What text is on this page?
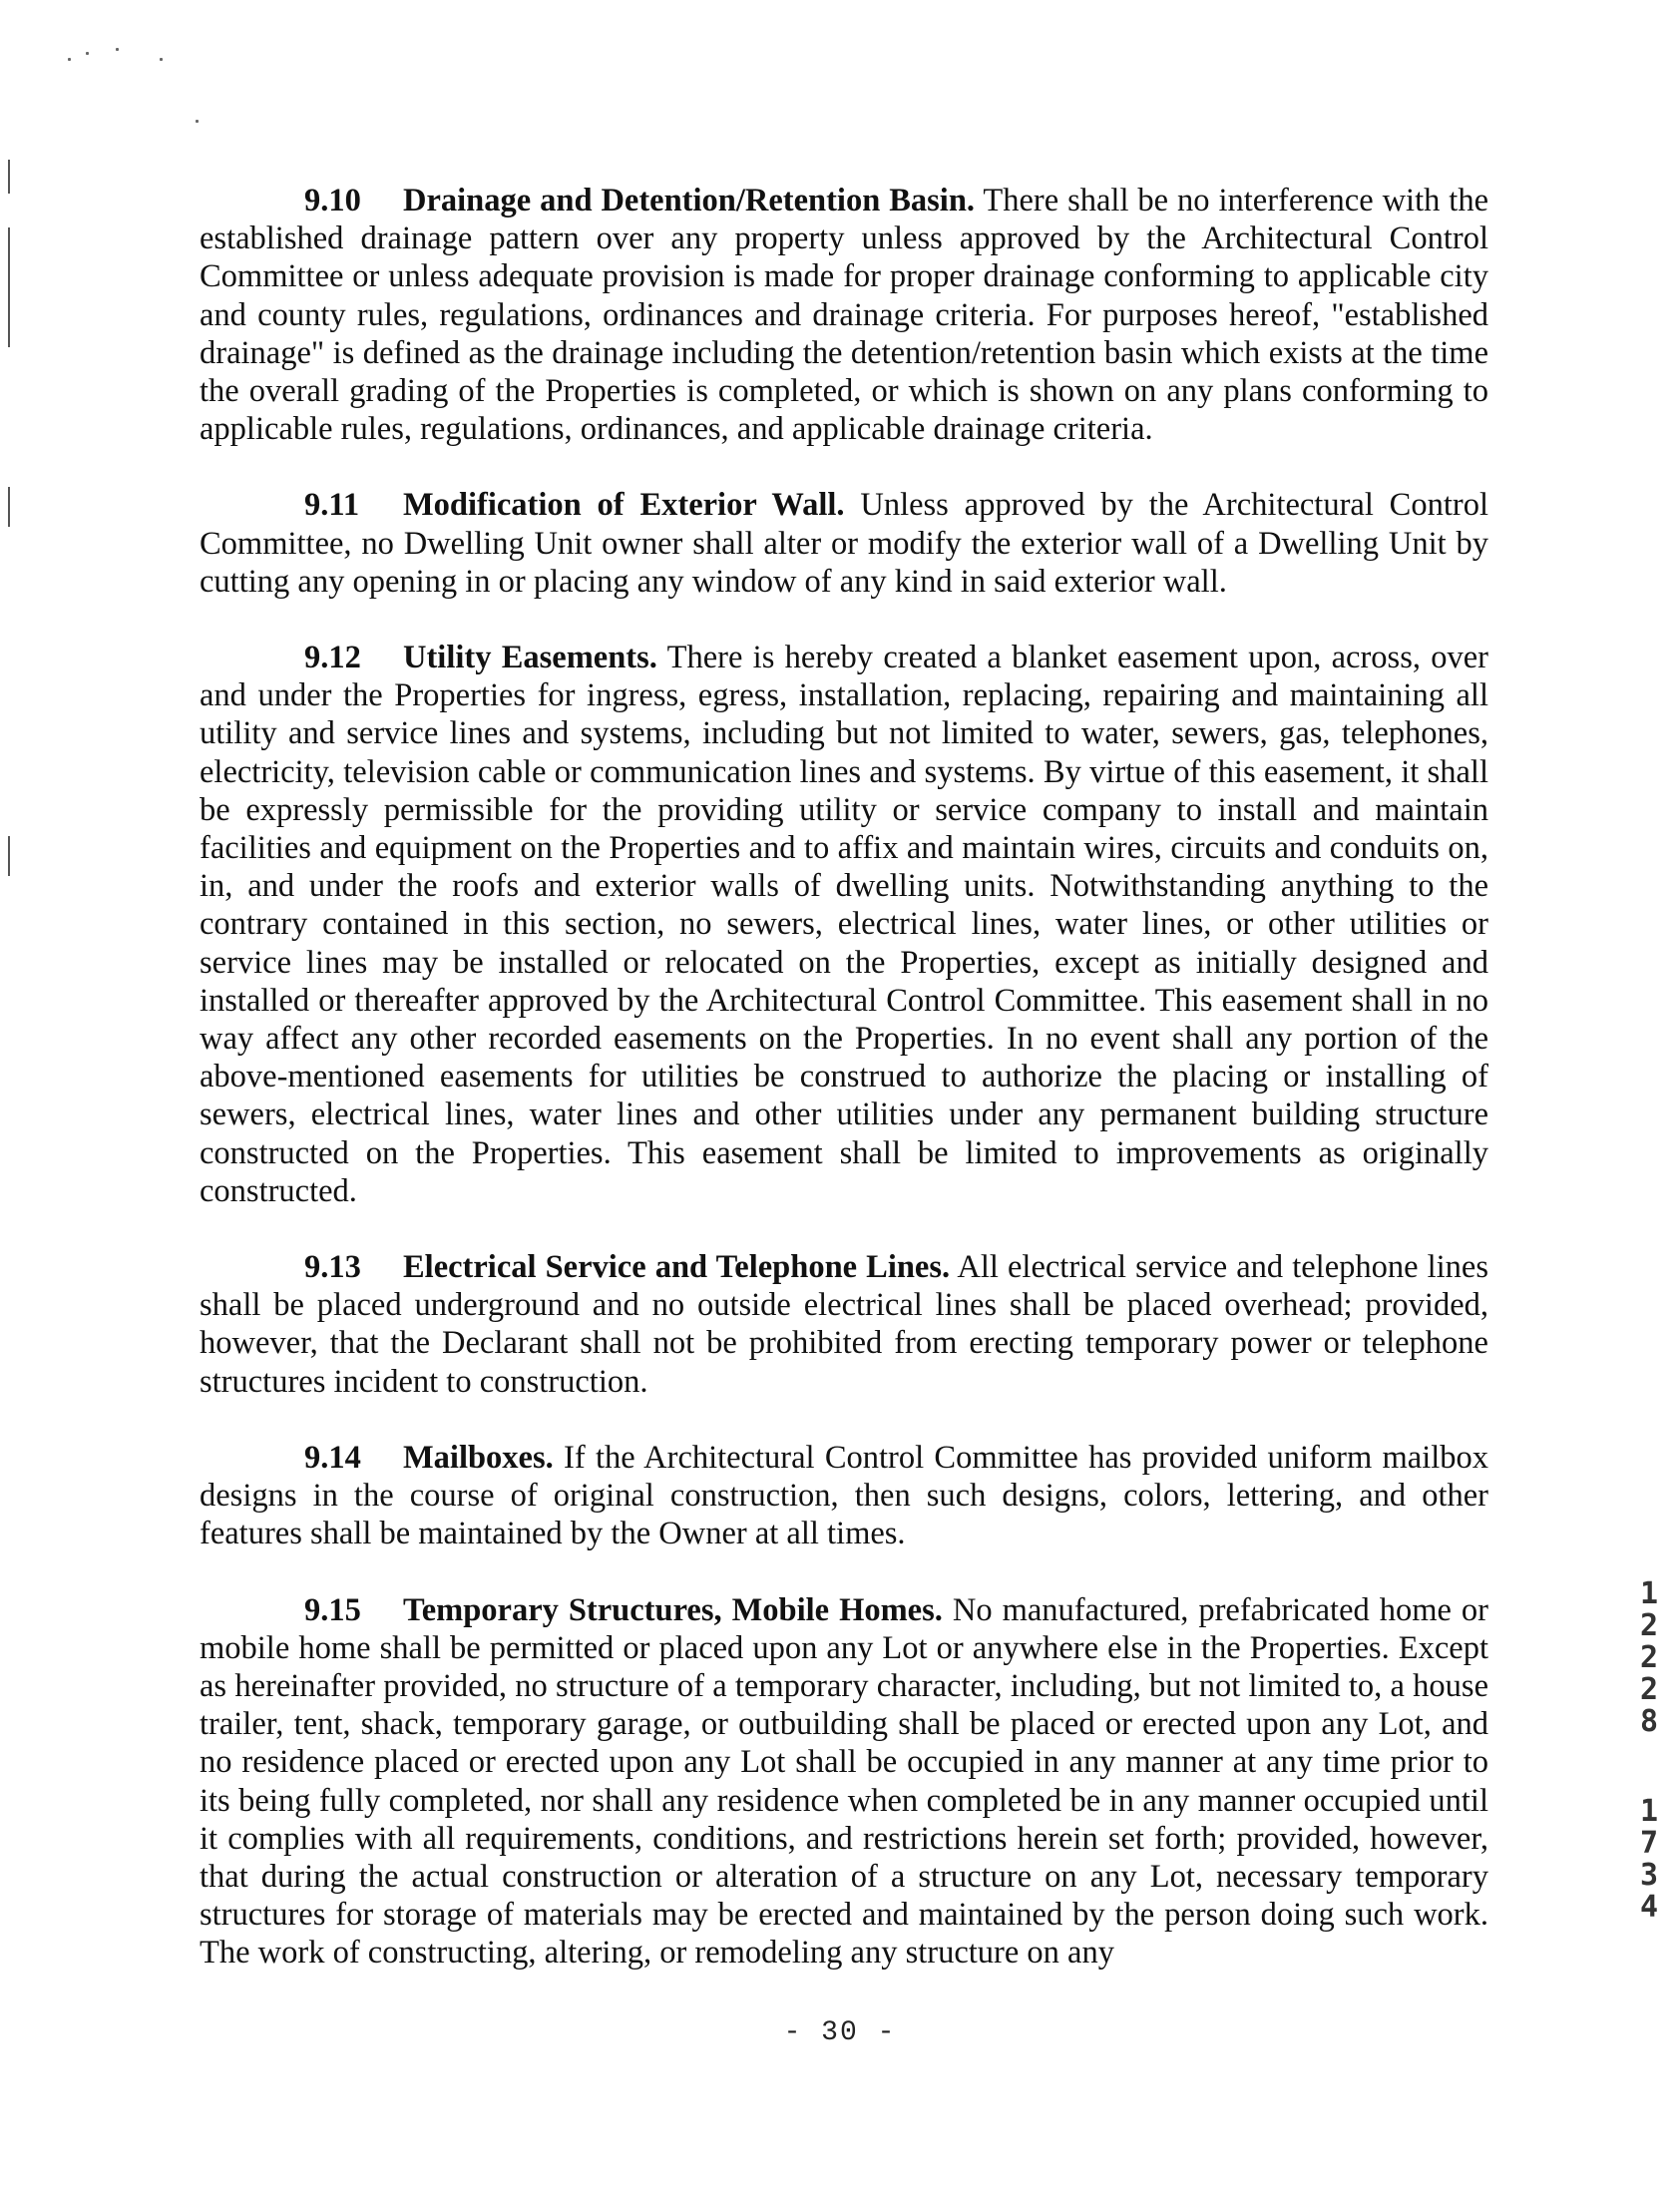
9.10 Drainage and Detention/Retention Basin. There shall be no interference with the established drainage pattern over any property unless approved by the Architectural Control Committee or unless adequate provision is made for proper drainage conforming to applicable city and county rules, regulations, ordinances and drainage criteria. For purposes hereof, "established drainage" is defined as the drainage including the detention/retention basin which exists at the time the overall grading of the Properties is completed, or which is shown on any plans conforming to applicable rules, regulations, ordinances, and applicable drainage criteria.

9.11 Modification of Exterior Wall. Unless approved by the Architectural Control Committee, no Dwelling Unit owner shall alter or modify the exterior wall of a Dwelling Unit by cutting any opening in or placing any window of any kind in said exterior wall.

9.12 Utility Easements. There is hereby created a blanket easement upon, across, over and under the Properties for ingress, egress, installation, replacing, repairing and maintaining all utility and service lines and systems, including but not limited to water, sewers, gas, telephones, electricity, television cable or communication lines and systems. By virtue of this easement, it shall be expressly permissible for the providing utility or service company to install and maintain facilities and equipment on the Properties and to affix and maintain wires, circuits and conduits on, in, and under the roofs and exterior walls of dwelling units. Notwithstanding anything to the contrary contained in this section, no sewers, electrical lines, water lines, or other utilities or service lines may be installed or relocated on the Properties, except as initially designed and installed or thereafter approved by the Architectural Control Committee. This easement shall in no way affect any other recorded easements on the Properties. In no event shall any portion of the above-mentioned easements for utilities be construed to authorize the placing or installing of sewers, electrical lines, water lines and other utilities under any permanent building structure constructed on the Properties. This easement shall be limited to improvements as originally constructed.

9.13 Electrical Service and Telephone Lines. All electrical service and telephone lines shall be placed underground and no outside electrical lines shall be placed overhead; provided, however, that the Declarant shall not be prohibited from erecting temporary power or telephone structures incident to construction.

9.14 Mailboxes. If the Architectural Control Committee has provided uniform mailbox designs in the course of original construction, then such designs, colors, lettering, and other features shall be maintained by the Owner at all times.

9.15 Temporary Structures, Mobile Homes. No manufactured, prefabricated home or mobile home shall be permitted or placed upon any Lot or anywhere else in the Properties. Except as hereinafter provided, no structure of a temporary character, including, but not limited to, a house trailer, tent, shack, temporary garage, or outbuilding shall be placed or erected upon any Lot, and no residence placed or erected upon any Lot shall be occupied in any manner at any time prior to its being fully completed, nor shall any residence when completed be in any manner occupied until it complies with all requirements, conditions, and restrictions herein set forth; provided, however, that during the actual construction or alteration of a structure on any Lot, necessary temporary structures for storage of materials may be erected and maintained by the person doing such work. The work of constructing, altering, or remodeling any structure on any

1
2
2
2
8
1
7
3
4
- 30 -
